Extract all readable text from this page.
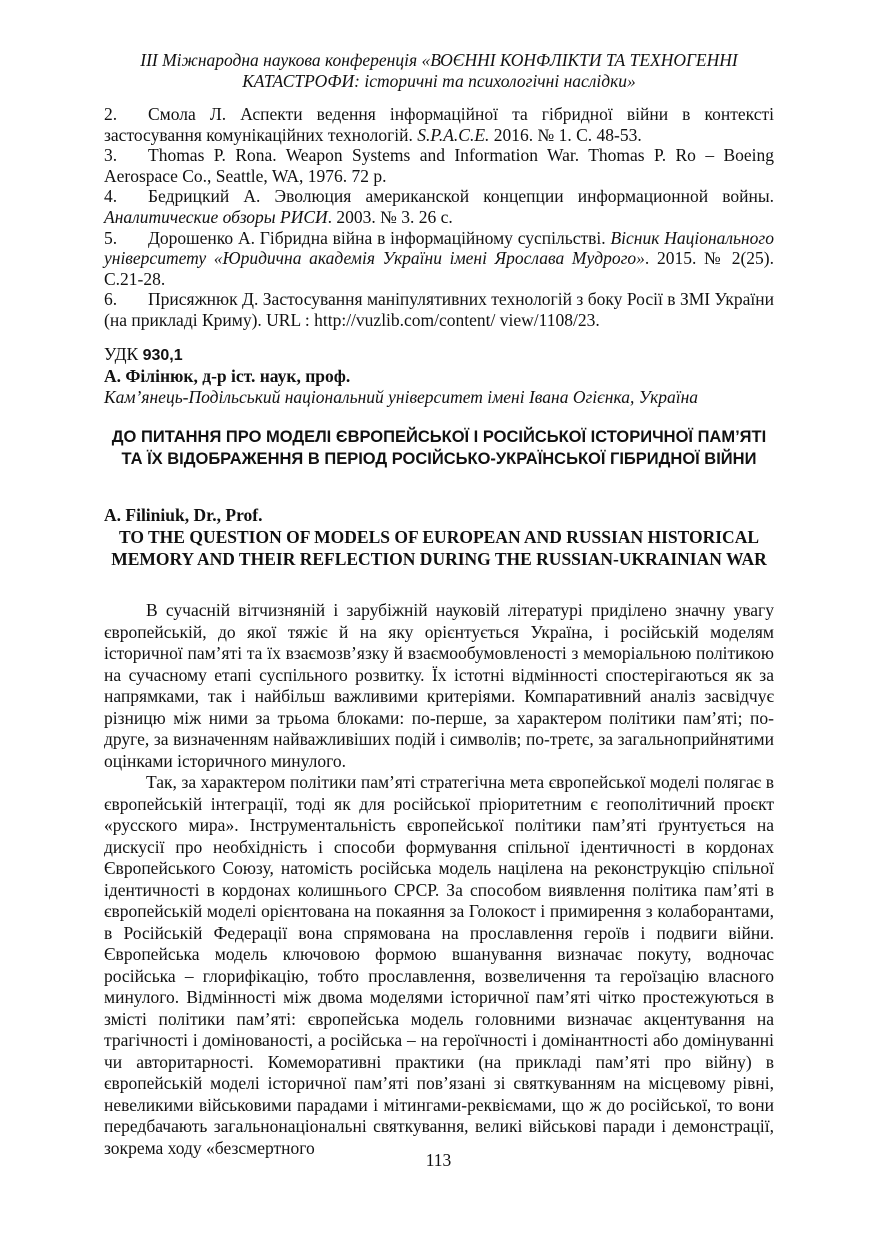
ІІІ Міжнародна наукова конференція «ВОЄННІ КОНФЛІКТИ ТА ТЕХНОГЕННІ
КАТАСТРОФИ: історичні та психологічні наслідки»

2. Смола Л. Аспекти ведення інформаційної та гібридної війни в контексті застосування комунікаційних технологій. S.P.A.C.E. 2016. № 1. С. 48-53.

3. Thomas P. Rona. Weapon Systems and Information War. Thomas P. Ro – Boeing Aerospace Co., Seattle, WA, 1976. 72 p.

4. Бедрицкий А. Эволюция американской концепции информационной войны. Аналитические обзоры РИСИ. 2003. № 3. 26 с.

5. Дорошенко А. Гібридна війна в інформаційному суспільстві. Вісник Національного університету «Юридична академія України імені Ярослава Мудрого». 2015. № 2(25). С.21-28.

6. Присяжнюк Д. Застосування маніпулятивних технологій з боку Росії в ЗМІ України (на прикладі Криму). URL : http://vuzlib.com/content/ view/1108/23.

УДК 930,1
А. Філінюк, д-р іст. наук, проф.
Кам’янець-Подільський національний університет імені Івана Огієнка, Україна
ДО ПИТАННЯ ПРО МОДЕЛІ ЄВРОПЕЙСЬКОЇ І РОСІЙСЬКОЇ ІСТОРИЧНОЇ ПАМ’ЯТІ ТА ЇХ ВІДОБРАЖЕННЯ В ПЕРІОД РОСІЙСЬКО-УКРАЇНСЬКОЇ ГІБРИДНОЇ ВІЙНИ
A. Filiniuk, Dr., Prof.
TO THE QUESTION OF MODELS OF EUROPEAN AND RUSSIAN HISTORICAL MEMORY AND THEIR REFLECTION DURING THE RUSSIAN-UKRAINIAN WAR

В сучасній вітчизняній і зарубіжній науковій літературі приділено значну увагу європейській, до якої тяжіє й на яку орієнтується Україна, і російській моделям історичної пам’яті та їх взаємозв’язку й взаємообумовленості з меморіальною політикою на сучасному етапі суспільного розвитку. Їх істотні відмінності спостерігаються як за напрямками, так і найбільш важливими критеріями. Компаративний аналіз засвідчує різницю між ними за трьома блоками: по-перше, за характером політики пам’яті; по-друге, за визначенням найважливіших подій і символів; по-третє, за загальноприйнятими оцінками історичного минулого.

Так, за характером політики пам’яті стратегічна мета європейської моделі полягає в європейській інтеграції, тоді як для російської пріоритетним є геополітичний проєкт «русского мира». Інструментальність європейської політики пам’яті ґрунтується на дискусії про необхідність і способи формування спільної ідентичності в кордонах Європейського Союзу, натомість російська модель націлена на реконструкцію спільної ідентичності в кордонах колишнього СРСР. За способом виявлення політика пам’яті в європейській моделі орієнтована на покаяння за Голокост і примирення з колаборантами, в Російській Федерації вона спрямована на прославлення героїв і подвиги війни. Європейська модель ключовою формою вшанування визначає покуту, водночас російська – глорифікацію, тобто прославлення, возвеличення та героїзацію власного минулого. Відмінності між двома моделями історичної пам’яті чітко простежуються в змісті політики пам’яті: європейська модель головними визначає акцентування на трагічності і домінованості, а російська – на героїчності і домінантності або домінуванні чи авторитарності. Комеморативні практики (на прикладі пам’яті про війну) в європейській моделі історичної пам’яті пов’язані зі святкуванням на місцевому рівні, невеликими військовими парадами і мітингами-реквіємами, що ж до російської, то вони передбачають загальнонаціональні святкування, великі військові паради і демонстрації, зокрема ходу «безсмертного

113
